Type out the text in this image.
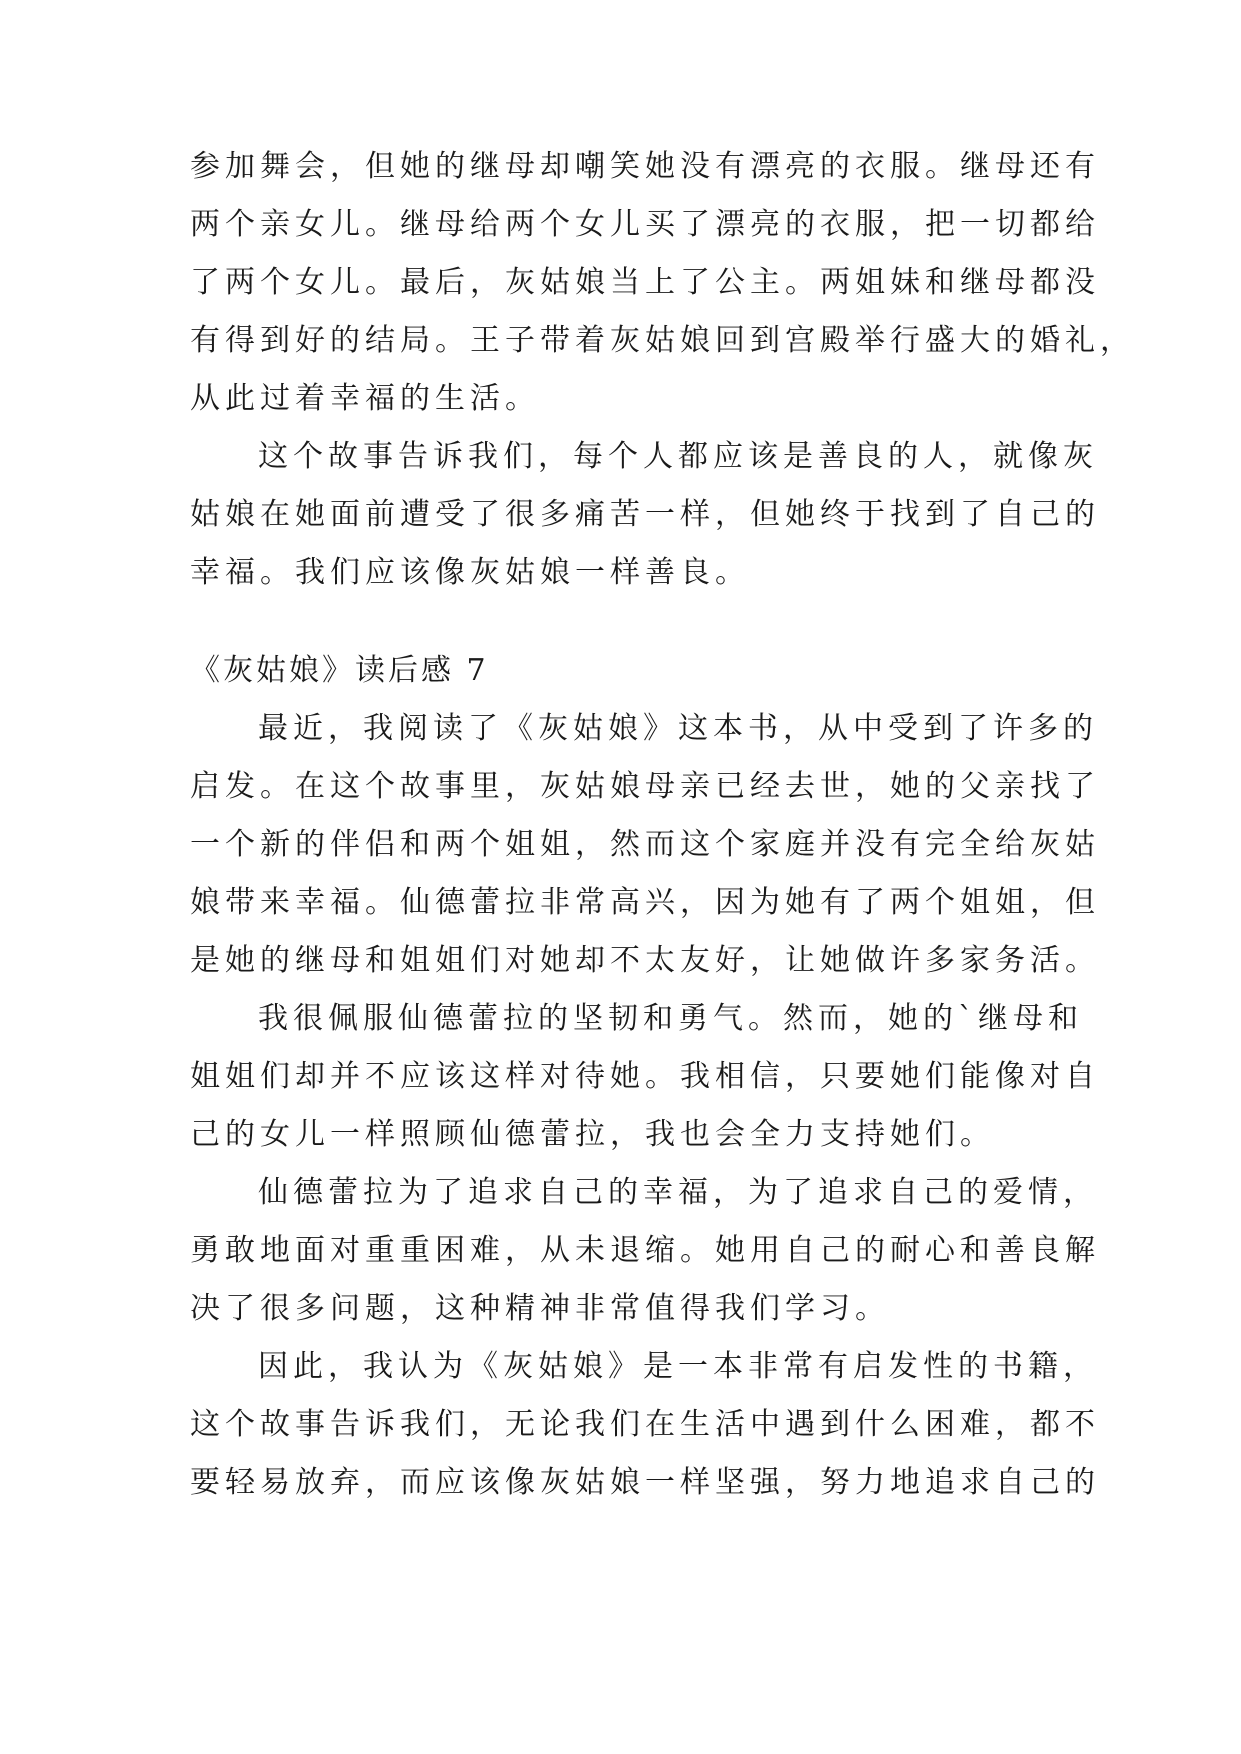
参加舞会，但她的继母却嘲笑她没有漂亮的衣服。继母还有
两个亲女儿。继母给两个女儿买了漂亮的衣服，把一切都给
了两个女儿。最后，灰姑娘当上了公主。两姐妹和继母都没
有得到好的结局。王子带着灰姑娘回到宫殿举行盛大的婚礼，
从此过着幸福的生活。
这个故事告诉我们，每个人都应该是善良的人，就像灰
姑娘在她面前遭受了很多痛苦一样，但她终于找到了自己的
幸福。我们应该像灰姑娘一样善良。
《灰姑娘》读后感 7
最近，我阅读了《灰姑娘》这本书，从中受到了许多的
启发。在这个故事里，灰姑娘母亲已经去世，她的父亲找了
一个新的伴侣和两个姐姐，然而这个家庭并没有完全给灰姑
娘带来幸福。仙德蕾拉非常高兴，因为她有了两个姐姐，但
是她的继母和姐姐们对她却不太友好，让她做许多家务活。
我很佩服仙德蕾拉的坚韧和勇气。然而，她的`继母和
姐姐们却并不应该这样对待她。我相信，只要她们能像对自
己的女儿一样照顾仙德蕾拉，我也会全力支持她们。
仙德蕾拉为了追求自己的幸福，为了追求自己的爱情，
勇敢地面对重重困难，从未退缩。她用自己的耐心和善良解
决了很多问题，这种精神非常值得我们学习。
因此，我认为《灰姑娘》是一本非常有启发性的书籍，
这个故事告诉我们，无论我们在生活中遇到什么困难，都不
要轻易放弃，而应该像灰姑娘一样坚强，努力地追求自己的
